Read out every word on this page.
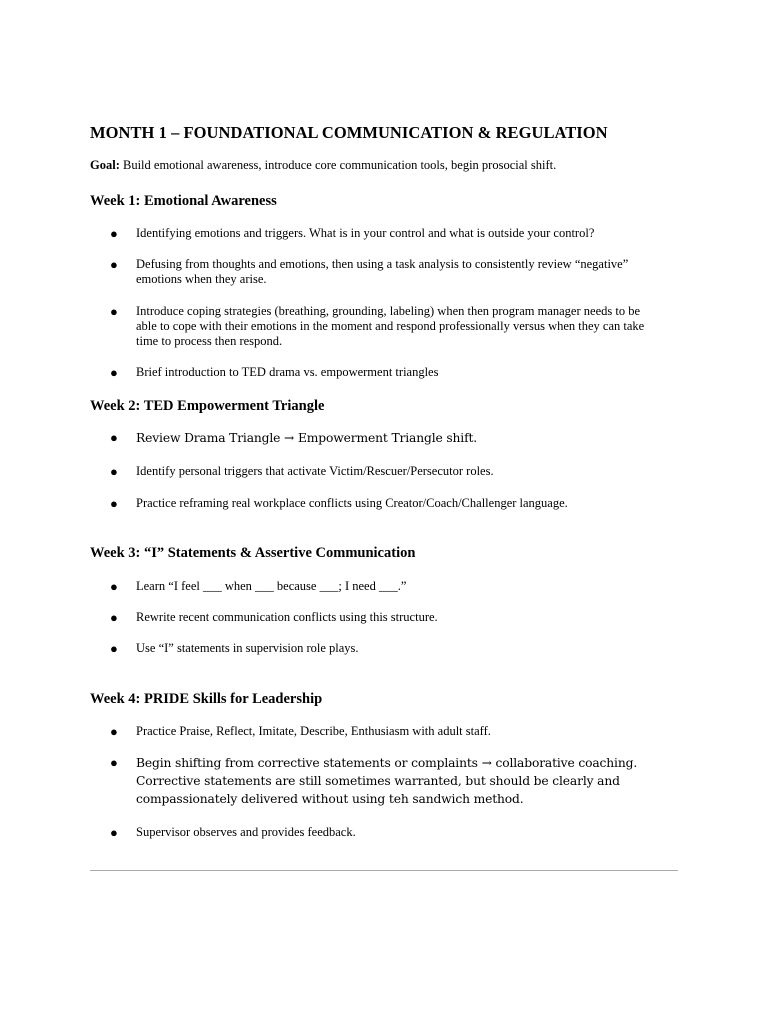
MONTH 1 – FOUNDATIONAL COMMUNICATION & REGULATION

Goal: Build emotional awareness, introduce core communication tools, begin prosocial shift.

Week 1: Emotional Awareness
● Identifying emotions and triggers. What is in your control and what is outside your control?
● Defusing from thoughts and emotions, then using a task analysis to consistently review “negative” emotions when they arise.
● Introduce coping strategies (breathing, grounding, labeling) when then program manager needs to be able to cope with their emotions in the moment and respond professionally versus when they can take time to process then respond.
● Brief introduction to TED drama vs. empowerment triangles
Week 2: TED Empowerment Triangle
● Review Drama Triangle → Empowerment Triangle shift.
● Identify personal triggers that activate Victim/Rescuer/Persecutor roles.
● Practice reframing real workplace conflicts using Creator/Coach/Challenger language.
Week 3: “I” Statements & Assertive Communication
● Learn “I feel ___ when ___ because ___; I need ___.”
● Rewrite recent communication conflicts using this structure.
● Use “I” statements in supervision role plays.
Week 4: PRIDE Skills for Leadership
● Practice Praise, Reflect, Imitate, Describe, Enthusiasm with adult staff.
● Begin shifting from corrective statements or complaints → collaborative coaching. Corrective statements are still sometimes warranted, but should be clearly and compassionately delivered without using teh sandwich method.
● Supervisor observes and provides feedback.
